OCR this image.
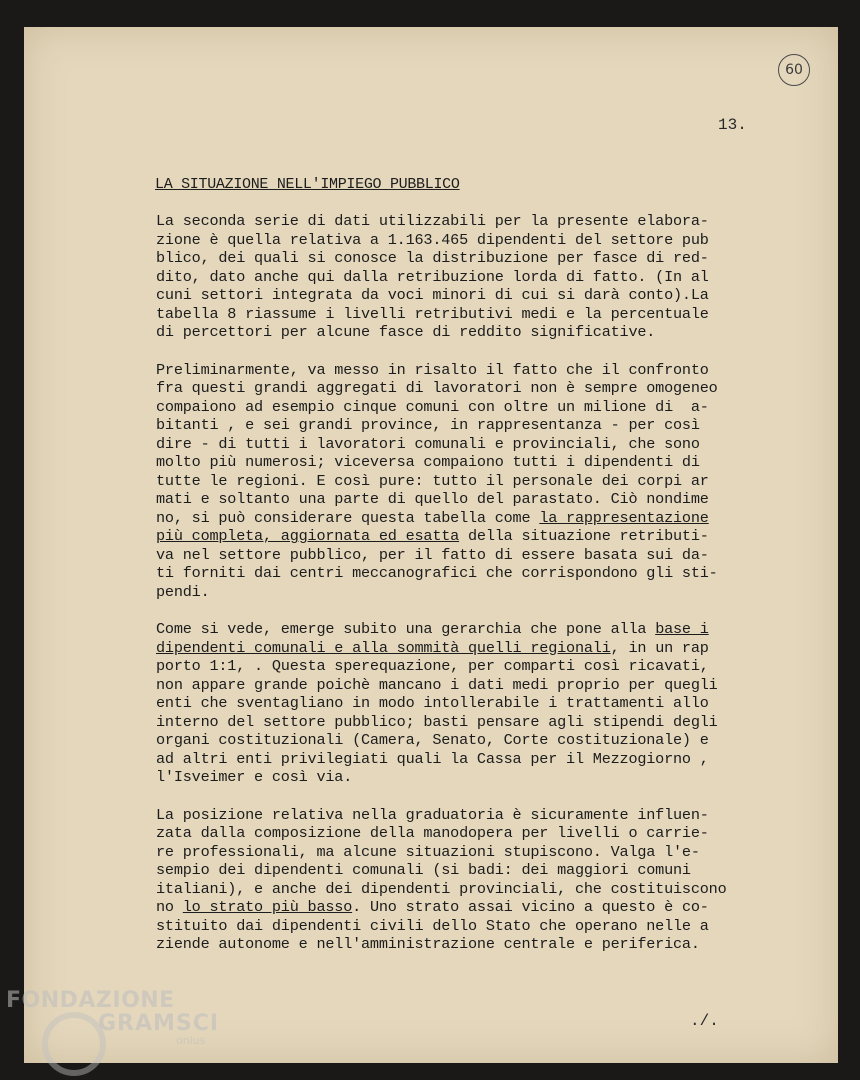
60
13.
LA SITUAZIONE NELL'IMPIEGO PUBBLICO
La seconda serie di dati utilizzabili per la presente elabora-
zione è quella relativa a 1.163.465 dipendenti del settore pub
blico, dei quali si conosce la distribuzione per fasce di red-
dito, dato anche qui dalla retribuzione lorda di fatto. (In al
cuni settori integrata da voci minori di cui si darà conto).La
tabella 8 riassume i livelli retributivi medi e la percentuale
di percettori per alcune fasce di reddito significative.
Preliminarmente, va messo in risalto il fatto che il confronto
fra questi grandi aggregati di lavoratori non è sempre omogeneo
compaiono ad esempio cinque comuni con oltre un milione di  a-
bitanti , e sei grandi province, in rappresentanza - per così
dire - di tutti i lavoratori comunali e provinciali, che sono
molto più numerosi; viceversa compaiono tutti i dipendenti di
tutte le regioni. E così pure: tutto il personale dei corpi ar
mati e soltanto una parte di quello del parastato. Ciò nondime
no, si può considerare questa tabella come la rappresentazione
più completa, aggiornata ed esatta della situazione retributi-
va nel settore pubblico, per il fatto di essere basata sui da-
ti forniti dai centri meccanografici che corrispondono gli sti-
pendi.
Come si vede, emerge subito una gerarchia che pone alla base i
dipendenti comunali e alla sommità quelli regionali, in un rap
porto 1:1, . Questa sperequazione, per comparti così ricavati,
non appare grande poichè mancano i dati medi proprio per quegli
enti che sventagliano in modo intollerabile i trattamenti allo
interno del settore pubblico; basti pensare agli stipendi degli
organi costituzionali (Camera, Senato, Corte costituzionale) e
ad altri enti privilegiati quali la Cassa per il Mezzogiorno ,
l'Isveimer e così via.
La posizione relativa nella graduatoria è sicuramente influen-
zata dalla composizione della manodopera per livelli o carrie-
re professionali, ma alcune situazioni stupiscono. Valga l'e-
sempio dei dipendenti comunali (si badi: dei maggiori comuni
italiani), e anche dei dipendenti provinciali, che costituiscono
no lo strato più basso. Uno strato assai vicino a questo è co-
stituito dai dipendenti civili dello Stato che operano nelle a
ziende autonome e nell'amministrazione centrale e periferica.
./.
FONDAZIONE
GRAMSCI
onlus
